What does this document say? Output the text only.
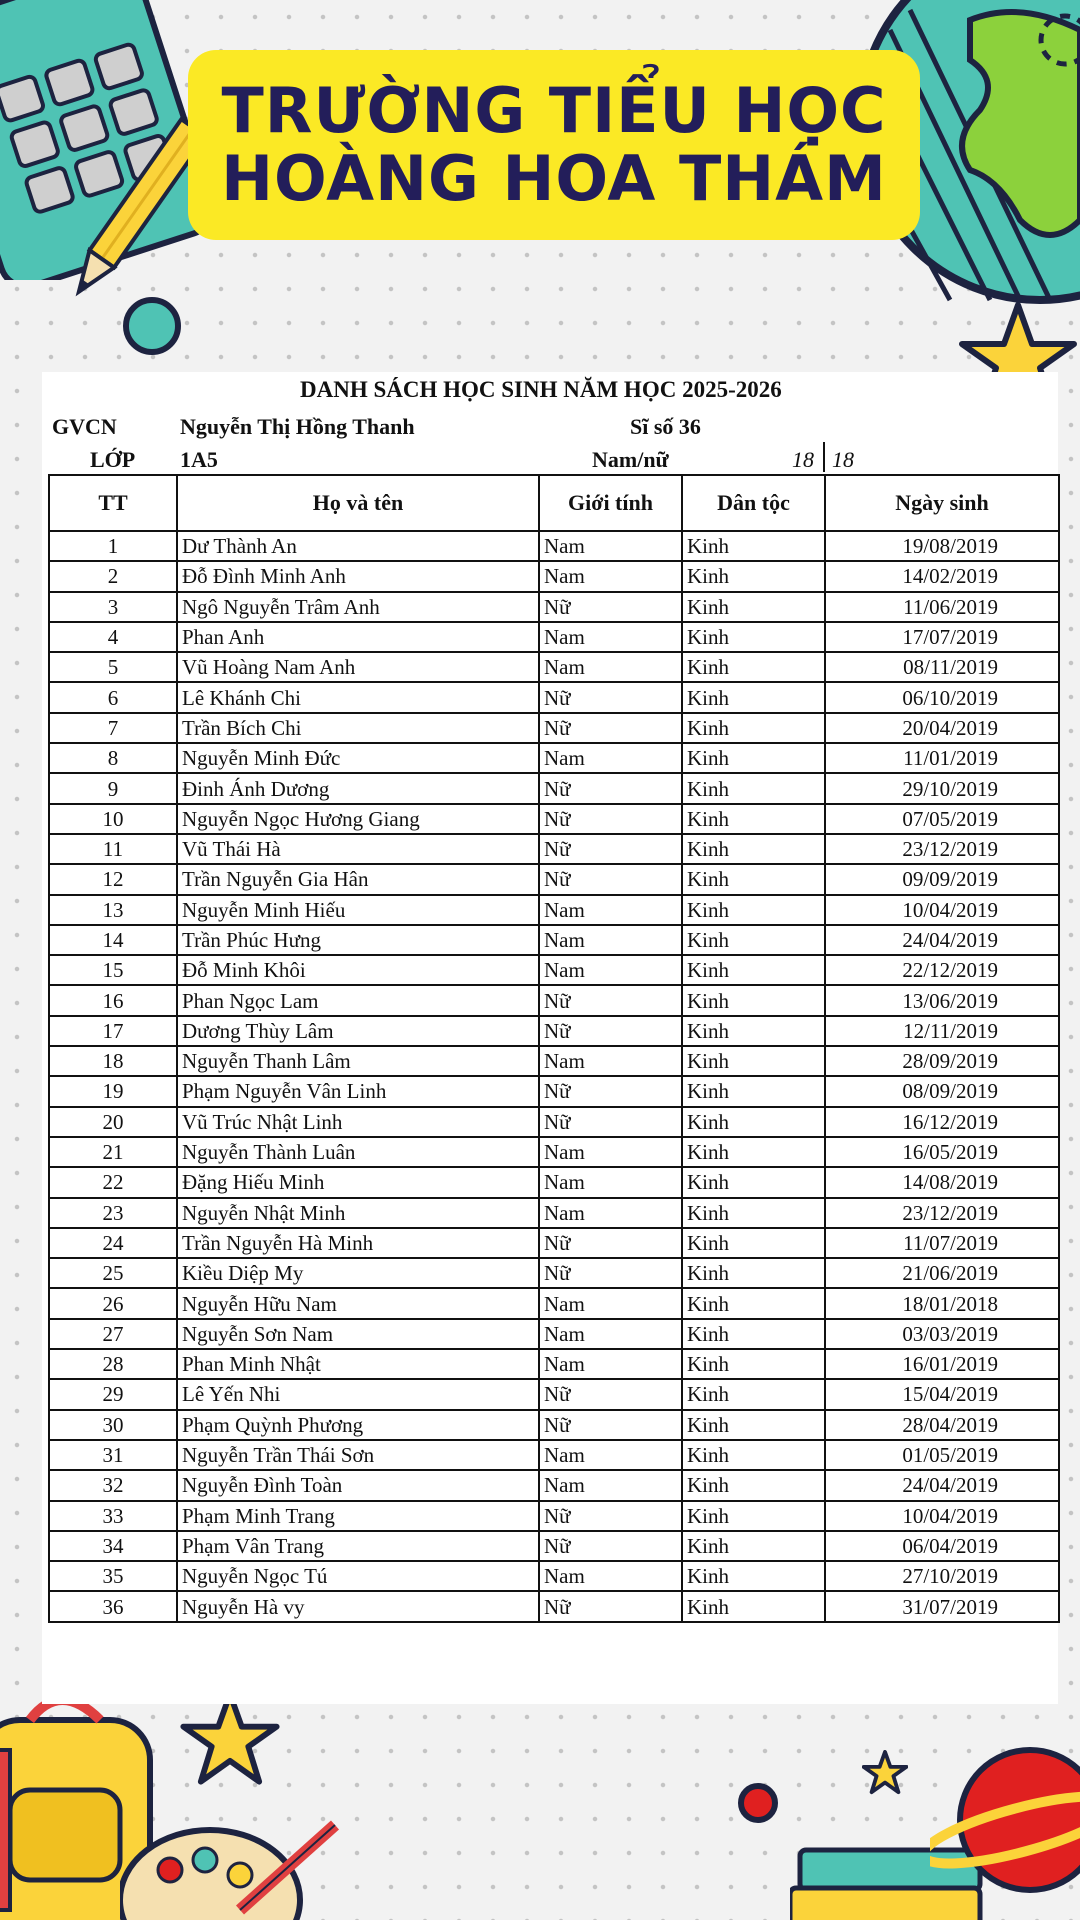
TRƯỜNG TIỂU HỌC
HOÀNG HOA THÁM
DANH SÁCH HỌC SINH NĂM HỌC 2025-2026
GVCN	Nguyễn Thị Hồng Thanh	Sĩ số 36
LỚP 1A5	Nam/nữ	18 18
TT	Họ và tên	Giới tính	Dân tộc	Ngày sinh
1	Dư Thành An	Nam	Kinh	19/08/2019
2	Đỗ Đình Minh Anh	Nam	Kinh	14/02/2019
3	Ngô Nguyễn Trâm Anh	Nữ	Kinh	11/06/2019
4	Phan Anh	Nam	Kinh	17/07/2019
5	Vũ Hoàng Nam Anh	Nam	Kinh	08/11/2019
6	Lê Khánh Chi	Nữ	Kinh	06/10/2019
7	Trần Bích Chi	Nữ	Kinh	20/04/2019
8	Nguyễn Minh Đức	Nam	Kinh	11/01/2019
9	Đinh Ánh Dương	Nữ	Kinh	29/10/2019
10	Nguyễn Ngọc Hương Giang	Nữ	Kinh	07/05/2019
11	Vũ Thái Hà	Nữ	Kinh	23/12/2019
12	Trần Nguyễn Gia Hân	Nữ	Kinh	09/09/2019
13	Nguyễn Minh Hiếu	Nam	Kinh	10/04/2019
14	Trần Phúc Hưng	Nam	Kinh	24/04/2019
15	Đỗ Minh Khôi	Nam	Kinh	22/12/2019
16	Phan Ngọc Lam	Nữ	Kinh	13/06/2019
17	Dương Thùy Lâm	Nữ	Kinh	12/11/2019
18	Nguyễn Thanh Lâm	Nam	Kinh	28/09/2019
19	Phạm Nguyễn Vân Linh	Nữ	Kinh	08/09/2019
20	Vũ Trúc Nhật Linh	Nữ	Kinh	16/12/2019
21	Nguyễn Thành Luân	Nam	Kinh	16/05/2019
22	Đặng Hiếu Minh	Nam	Kinh	14/08/2019
23	Nguyễn Nhật Minh	Nam	Kinh	23/12/2019
24	Trần Nguyễn Hà Minh	Nữ	Kinh	11/07/2019
25	Kiều Diệp My	Nữ	Kinh	21/06/2019
26	Nguyễn Hữu Nam	Nam	Kinh	18/01/2018
27	Nguyễn Sơn Nam	Nam	Kinh	03/03/2019
28	Phan Minh Nhật	Nam	Kinh	16/01/2019
29	Lê Yến Nhi	Nữ	Kinh	15/04/2019
30	Phạm Quỳnh Phương	Nữ	Kinh	28/04/2019
31	Nguyễn Trần Thái Sơn	Nam	Kinh	01/05/2019
32	Nguyễn Đình Toàn	Nam	Kinh	24/04/2019
33	Phạm Minh Trang	Nữ	Kinh	10/04/2019
34	Phạm Vân Trang	Nữ	Kinh	06/04/2019
35	Nguyễn Ngọc Tú	Nam	Kinh	27/10/2019
36	Nguyễn Hà vy	Nữ	Kinh	31/07/2019
